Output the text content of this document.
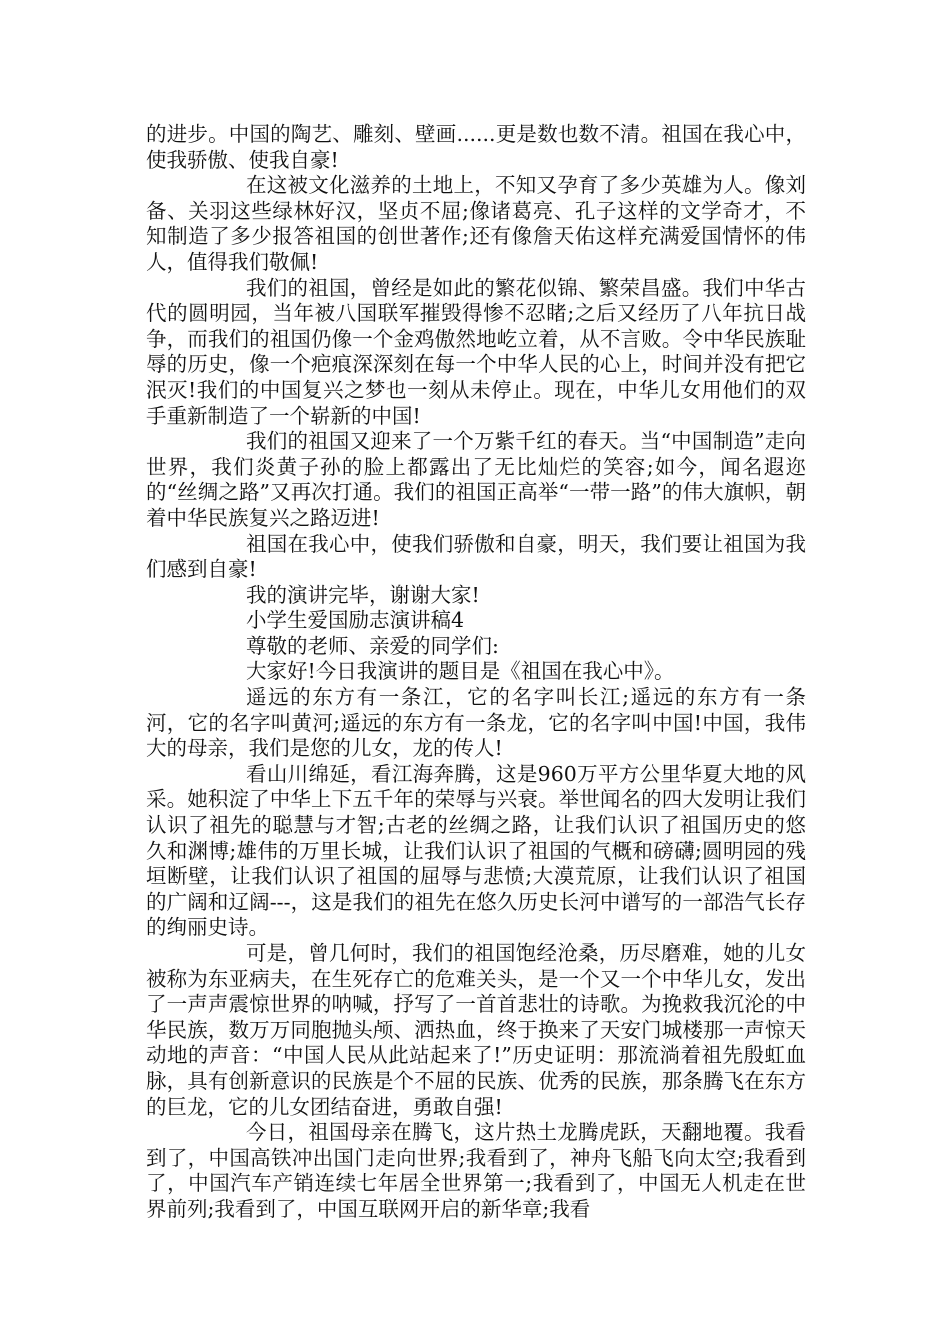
的进步。中国的陶艺、雕刻、壁画......更是数也数不清。祖国在我心中，使我骄傲、使我自豪!

在这被文化滋养的土地上，不知又孕育了多少英雄为人。像刘备、关羽这些绿林好汉，坚贞不屈;像诸葛亮、孔子这样的文学奇才，不知制造了多少报答祖国的创世著作;还有像詹天佑这样充满爱国情怀的伟人，值得我们敬佩!

我们的祖国，曾经是如此的繁花似锦、繁荣昌盛。我们中华古代的圆明园，当年被八国联军摧毁得惨不忍睹;之后又经历了八年抗日战争，而我们的祖国仍像一个金鸡傲然地屹立着，从不言败。令中华民族耻辱的历史，像一个疤痕深深刻在每一个中华人民的心上，时间并没有把它泯灭!我们的中国复兴之梦也一刻从未停止。现在，中华儿女用他们的双手重新制造了一个崭新的中国!

我们的祖国又迎来了一个万紫千红的春天。当“中国制造”走向世界，我们炎黄子孙的脸上都露出了无比灿烂的笑容;如今，闻名遐迩的“丝绸之路”又再次打通。我们的祖国正高举“一带一路”的伟大旗帜，朝着中华民族复兴之路迈进!

祖国在我心中，使我们骄傲和自豪，明天，我们要让祖国为我们感到自豪!

我的演讲完毕，谢谢大家!

小学生爱国励志演讲稿4

尊敬的老师、亲爱的同学们:

大家好!今日我演讲的题目是《祖国在我心中》。

遥远的东方有一条江，它的名字叫长江;遥远的东方有一条河，它的名字叫黄河;遥远的东方有一条龙，它的名字叫中国!中国，我伟大的母亲，我们是您的儿女，龙的传人!

看山川绵延，看江海奔腾，这是960万平方公里华夏大地的风采。她积淀了中华上下五千年的荣辱与兴衰。举世闻名的四大发明让我们认识了祖先的聪慧与才智;古老的丝绸之路，让我们认识了祖国历史的悠久和渊博;雄伟的万里长城，让我们认识了祖国的气概和磅礴;圆明园的残垣断壁，让我们认识了祖国的屈辱与悲愤;大漠荒原，让我们认识了祖国的广阔和辽阔---，这是我们的祖先在悠久历史长河中谱写的一部浩气长存的绚丽史诗。

可是，曾几何时，我们的祖国饱经沧桑，历尽磨难，她的儿女被称为东亚病夫，在生死存亡的危难关头，是一个又一个中华儿女，发出了一声声震惊世界的呐喊，抒写了一首首悲壮的诗歌。为挽救我沉沦的中华民族，数万万同胞抛头颅、洒热血，终于换来了天安门城楼那一声惊天动地的声音：“中国人民从此站起来了!”历史证明：那流淌着祖先殷虹血脉，具有创新意识的民族是个不屈的民族、优秀的民族，那条腾飞在东方的巨龙，它的儿女团结奋进，勇敢自强!

今日，祖国母亲在腾飞，这片热土龙腾虎跃，天翻地覆。我看到了，中国高铁冲出国门走向世界;我看到了，神舟飞船飞向太空;我看到了，中国汽车产销连续七年居全世界第一;我看到了，中国无人机走在世界前列;我看到了，中国互联网开启的新华章;我看
